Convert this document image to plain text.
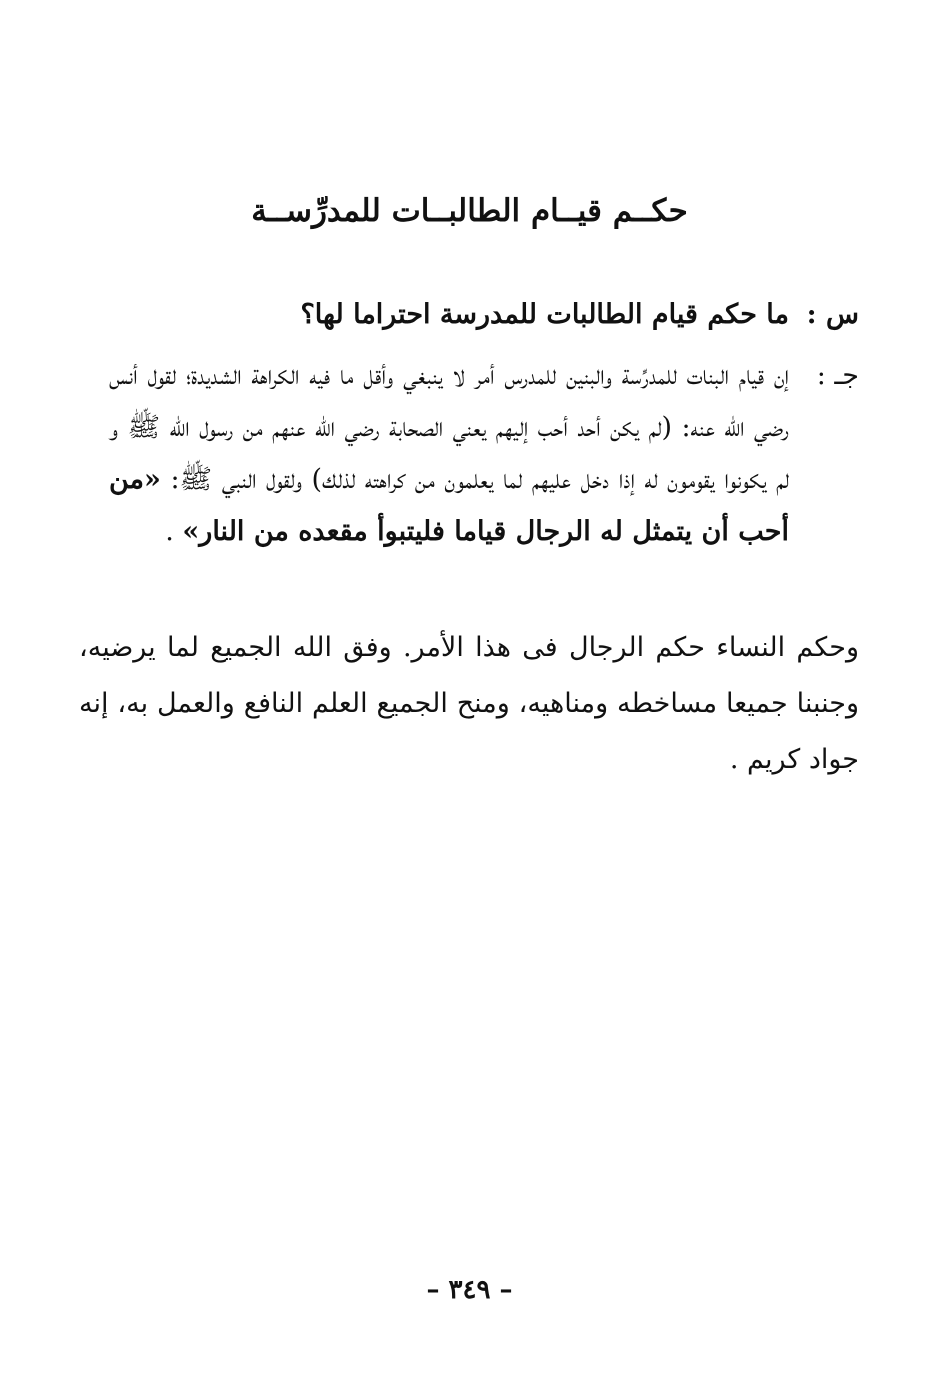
حكــم قيــام الطالبــات للمدرِّســة
س :
ما حكم قيام الطالبات للمدرسة احتراما لها؟
جـ :
إن قيام البنات للمدرِّسة والبنين للمدرس أمر لا ينبغي وأقل ما فيه الكراهة الشديدة؛ لقول أنس رضي الله عنه: (لم يكن أحد أحب إليهم يعني الصحابة رضي الله عنهم من رسول الله ﷺ و لم يكونوا يقومون له إذا دخل عليهم لما يعلمون من كراهته لذلك) ولقول النبي ﷺ: «من أحب أن يتمثل له الرجال قياما فليتبوأ مقعده من النار» .
وحكم النساء حكم الرجال فى هذا الأمر. وفق الله الجميع لما يرضيه، وجنبنا جميعا مساخطه ومناهيه، ومنح الجميع العلم النافع والعمل به، إنه جواد كريم .
– ٣٤٩ –
